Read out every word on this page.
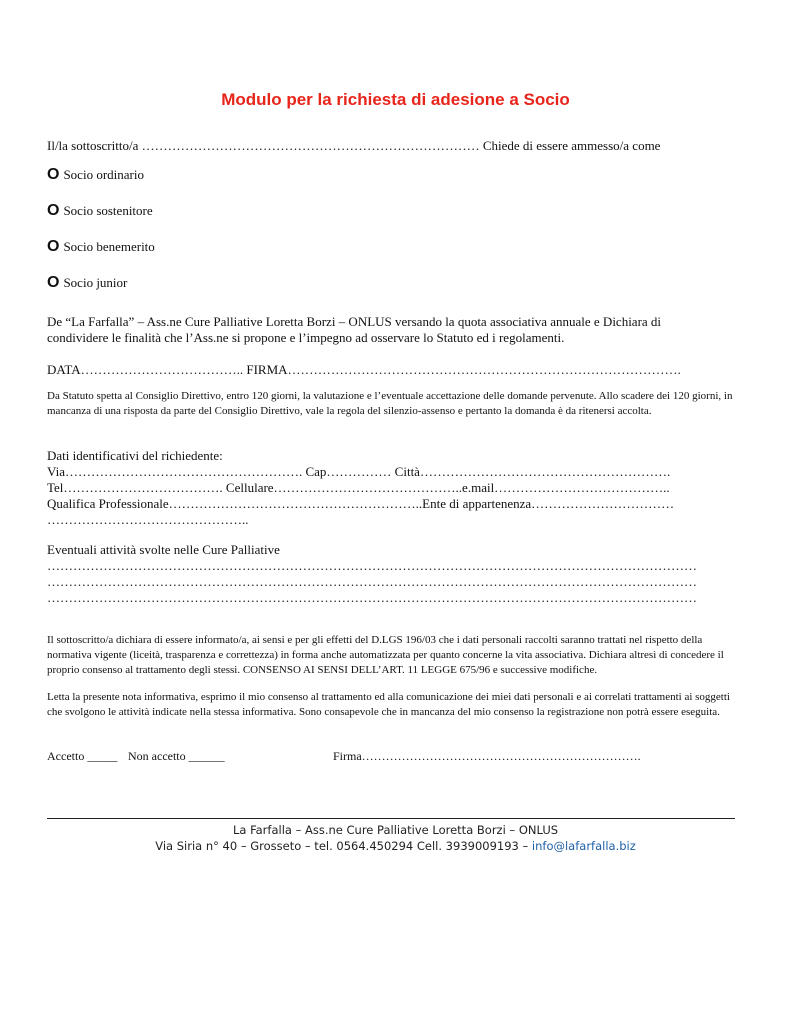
Modulo per la richiesta di adesione a Socio
Il/la sottoscritto/a …………………………………………………………………… Chiede di essere ammesso/a come
O Socio ordinario
O Socio sostenitore
O Socio benemerito
O Socio junior
De “La Farfalla” – Ass.ne Cure Palliative Loretta Borzi – ONLUS versando la quota associativa annuale e Dichiara di
condividere le finalità che l’Ass.ne si propone e l’impegno ad osservare lo Statuto ed i regolamenti.
DATA……………………………….. FIRMA……………………………………………………………………………….
Da Statuto spetta al Consiglio Direttivo, entro 120 giorni, la valutazione e l’eventuale accettazione delle domande pervenute. Allo scadere dei 120 giorni, in mancanza di una risposta da parte del Consiglio Direttivo, vale la regola del silenzio-assenso e pertanto la domanda è da ritenersi accolta.
Dati identificativi del richiedente:
Via………………………………………………. Cap…………… Città………………………………………………….
Tel………………………………. Cellulare……………………………………..e.mail…………………………………..
Qualifica Professionale…………………………………………………..Ente di appartenenza……………………………
………………………………………..
Eventuali attività svolte nelle Cure Palliative
……………………………………………………………………………………………………………………………………
……………………………………………………………………………………………………………………………………
……………………………………………………………………………………………………………………………………
Il sottoscritto/a dichiara di essere informato/a, ai sensi e per gli effetti del D.LGS 196/03 che i dati personali raccolti saranno trattati nel rispetto della normativa vigente (liceità, trasparenza e correttezza) in forma anche automatizzata per quanto concerne la vita associativa. Dichiara altresì di concedere il proprio consenso al trattamento degli stessi. CONSENSO AI SENSI DELL’ART. 11 LEGGE 675/96 e successive modifiche.
Letta la presente nota informativa, esprimo il mio consenso al trattamento ed alla comunicazione dei miei dati personali e ai correlati trattamenti ai soggetti che svolgono le attività indicate nella stessa informativa. Sono consapevole che in mancanza del mio consenso la registrazione non potrà essere eseguita.
Accetto _____ Non accetto ______	Firma…………………………………………………………….
La Farfalla – Ass.ne Cure Palliative Loretta Borzi – ONLUS
Via Siria n° 40 – Grosseto – tel. 0564.450294 Cell. 3939009193 – info@lafarfalla.biz
